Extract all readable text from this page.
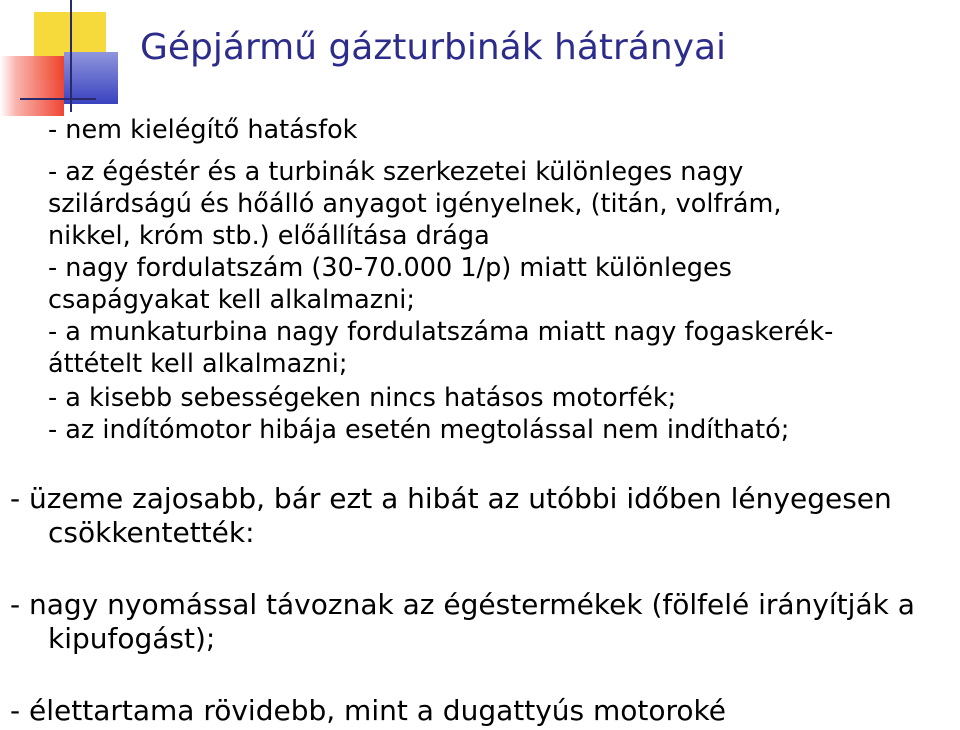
Gépjármű gázturbinák hátrányai

- nem kielégítő hatásfok

- az égéstér és a turbinák szerkezetei különleges nagy

szilárdságú és hőálló anyagot igényelnek, (titán, volfrám,

nikkel, króm stb.) előállítása drága

- nagy fordulatszám (30-70.000 1/p) miatt különleges

csapágyakat kell alkalmazni;

- a munkaturbina nagy fordulatszáma miatt nagy fogaskerék-

áttételt kell alkalmazni;

- a kisebb sebességeken nincs hatásos motorfék;

- az indítómotor hibája esetén megtolással nem indítható;

- üzeme zajosabb, bár ezt a hibát az utóbbi időben lényegesen

csökkentették:

- nagy nyomással távoznak az égéstermékek (fölfelé irányítják a

kipufogást);

- élettartama rövidebb, mint a dugattyús motoroké
